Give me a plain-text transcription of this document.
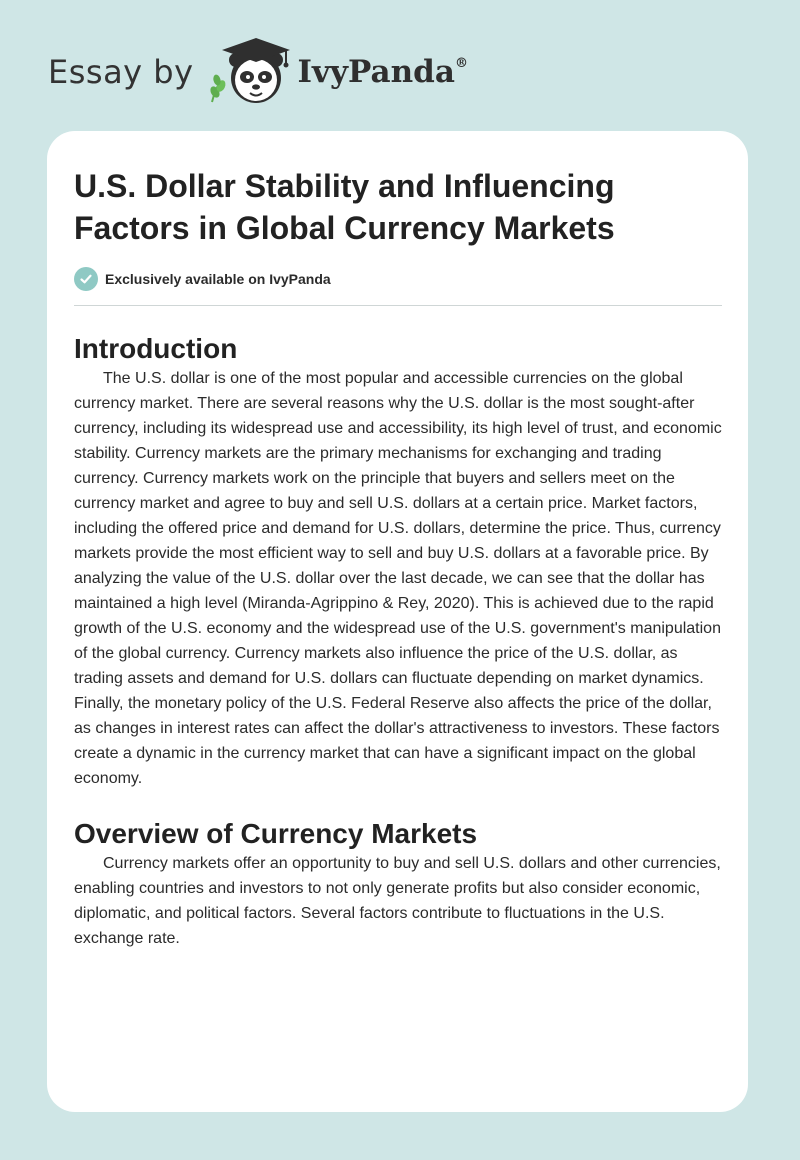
Essay by	IvyPanda®
U.S. Dollar Stability and Influencing Factors in Global Currency Markets
Exclusively available on IvyPanda
Introduction

The U.S. dollar is one of the most popular and accessible currencies on the global currency market. There are several reasons why the U.S. dollar is the most sought-after currency, including its widespread use and accessibility, its high level of trust, and economic stability. Currency markets are the primary mechanisms for exchanging and trading currency. Currency markets work on the principle that buyers and sellers meet on the currency market and agree to buy and sell U.S. dollars at a certain price. Market factors, including the offered price and demand for U.S. dollars, determine the price. Thus, currency markets provide the most efficient way to sell and buy U.S. dollars at a favorable price. By analyzing the value of the U.S. dollar over the last decade, we can see that the dollar has maintained a high level (Miranda-Agrippino & Rey, 2020). This is achieved due to the rapid growth of the U.S. economy and the widespread use of the U.S. government's manipulation of the global currency. Currency markets also influence the price of the U.S. dollar, as trading assets and demand for U.S. dollars can fluctuate depending on market dynamics. Finally, the monetary policy of the U.S. Federal Reserve also affects the price of the dollar, as changes in interest rates can affect the dollar's attractiveness to investors. These factors create a dynamic in the currency market that can have a significant impact on the global economy.

Overview of Currency Markets

Currency markets offer an opportunity to buy and sell U.S. dollars and other currencies, enabling countries and investors to not only generate profits but also consider economic, diplomatic, and political factors. Several factors contribute to fluctuations in the U.S. exchange rate.
